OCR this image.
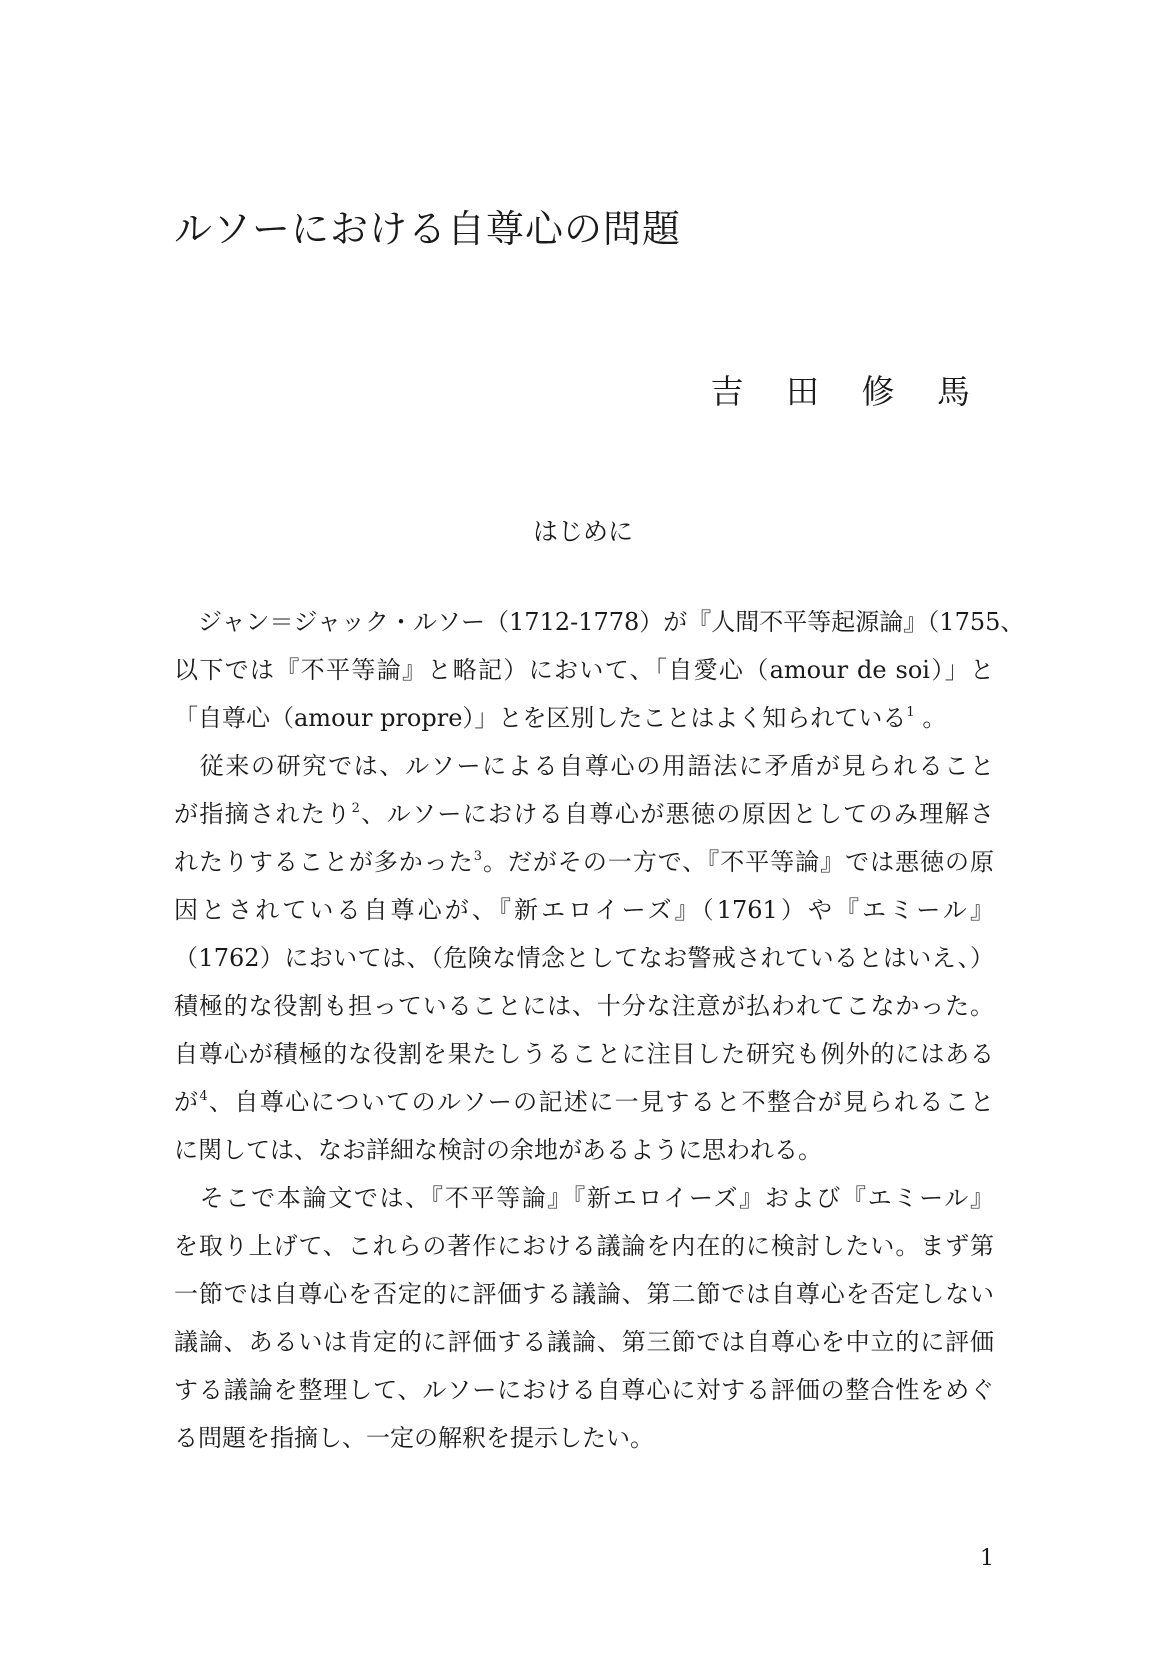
ルソーにおける自尊心の問題
吉 田 修 馬
はじめに
　ジャン＝ジャック・ルソー（1712-1778）が『人間不平等起源論』（1755、
以下では『不平等論』と略記）において、「自愛心（amour de soi）」と
「自尊心（amour propre）」とを区別したことはよく知られている$^1$ 。
　従来の研究では、ルソーによる自尊心の用語法に矛盾が見られること
が指摘されたり$^2$、ルソーにおける自尊心が悪徳の原因としてのみ理解さ
れたりすることが多かった$^3$。だがその一方で、『不平等論』では悪徳の原
因とされている自尊心が、『新エロイーズ』（1761）や『エミール』
（1762）においては、（危険な情念としてなお警戒されているとはいえ、）
積極的な役割も担っていることには、十分な注意が払われてこなかった。
自尊心が積極的な役割を果たしうることに注目した研究も例外的にはある
が$^4$、自尊心についてのルソーの記述に一見すると不整合が見られること
に関しては、なお詳細な検討の余地があるように思われる。
　そこで本論文では、『不平等論』『新エロイーズ』および『エミール』
を取り上げて、これらの著作における議論を内在的に検討したい。まず第
一節では自尊心を否定的に評価する議論、第二節では自尊心を否定しない
議論、あるいは肯定的に評価する議論、第三節では自尊心を中立的に評価
する議論を整理して、ルソーにおける自尊心に対する評価の整合性をめぐ
る問題を指摘し、一定の解釈を提示したい。
1
